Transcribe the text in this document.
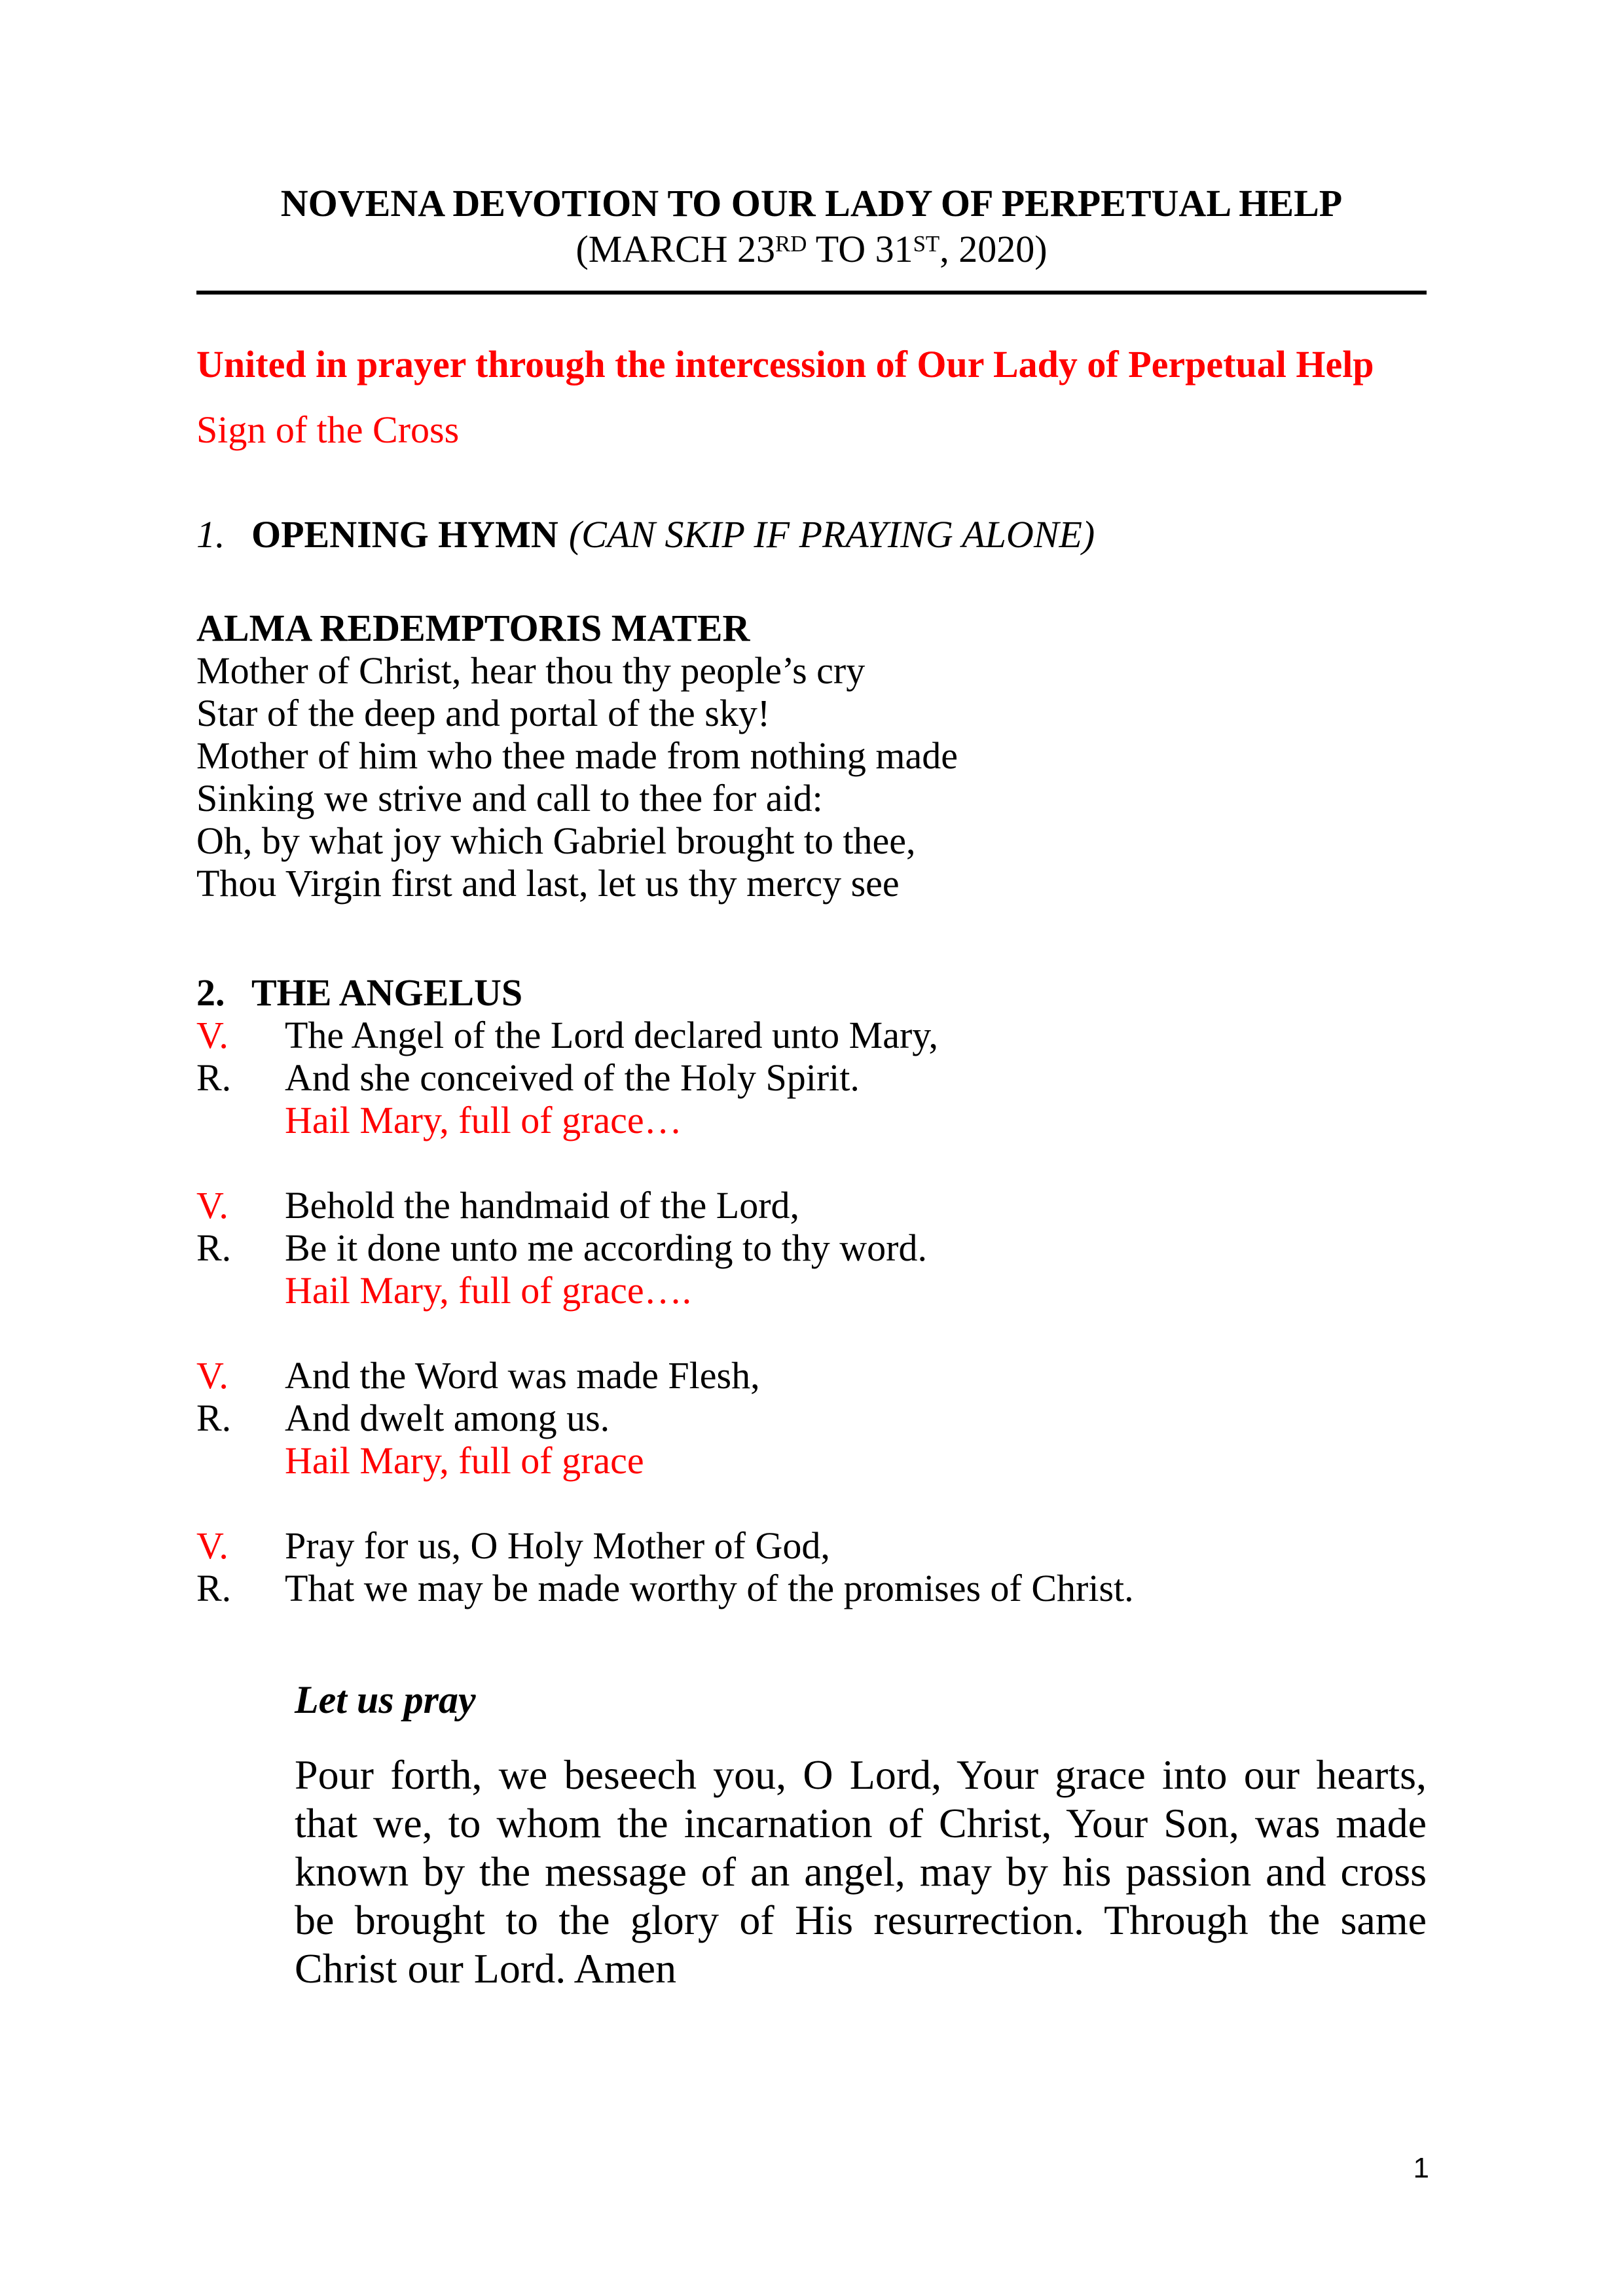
NOVENA DEVOTION TO OUR LADY OF PERPETUAL HELP
(MARCH 23RD TO 31ST, 2020)
United in prayer through the intercession of Our Lady of Perpetual Help
Sign of the Cross
1. OPENING HYMN (CAN SKIP IF PRAYING ALONE)
ALMA REDEMPTORIS MATER
Mother of Christ, hear thou thy people’s cry
Star of the deep and portal of the sky!
Mother of him who thee made from nothing made
Sinking we strive and call to thee for aid:
Oh, by what joy which Gabriel brought to thee,
Thou Virgin first and last, let us thy mercy see
2. THE ANGELUS
V. The Angel of the Lord declared unto Mary,
R. And she conceived of the Holy Spirit.
Hail Mary, full of grace…
V. Behold the handmaid of the Lord,
R. Be it done unto me according to thy word.
Hail Mary, full of grace….
V. And the Word was made Flesh,
R. And dwelt among us.
Hail Mary, full of grace
V. Pray for us, O Holy Mother of God,
R. That we may be made worthy of the promises of Christ.
Let us pray
Pour forth, we beseech you, O Lord, Your grace into our hearts, that we, to whom the incarnation of Christ, Your Son, was made known by the message of an angel, may by his passion and cross be brought to the glory of His resurrection. Through the same Christ our Lord. Amen
1
